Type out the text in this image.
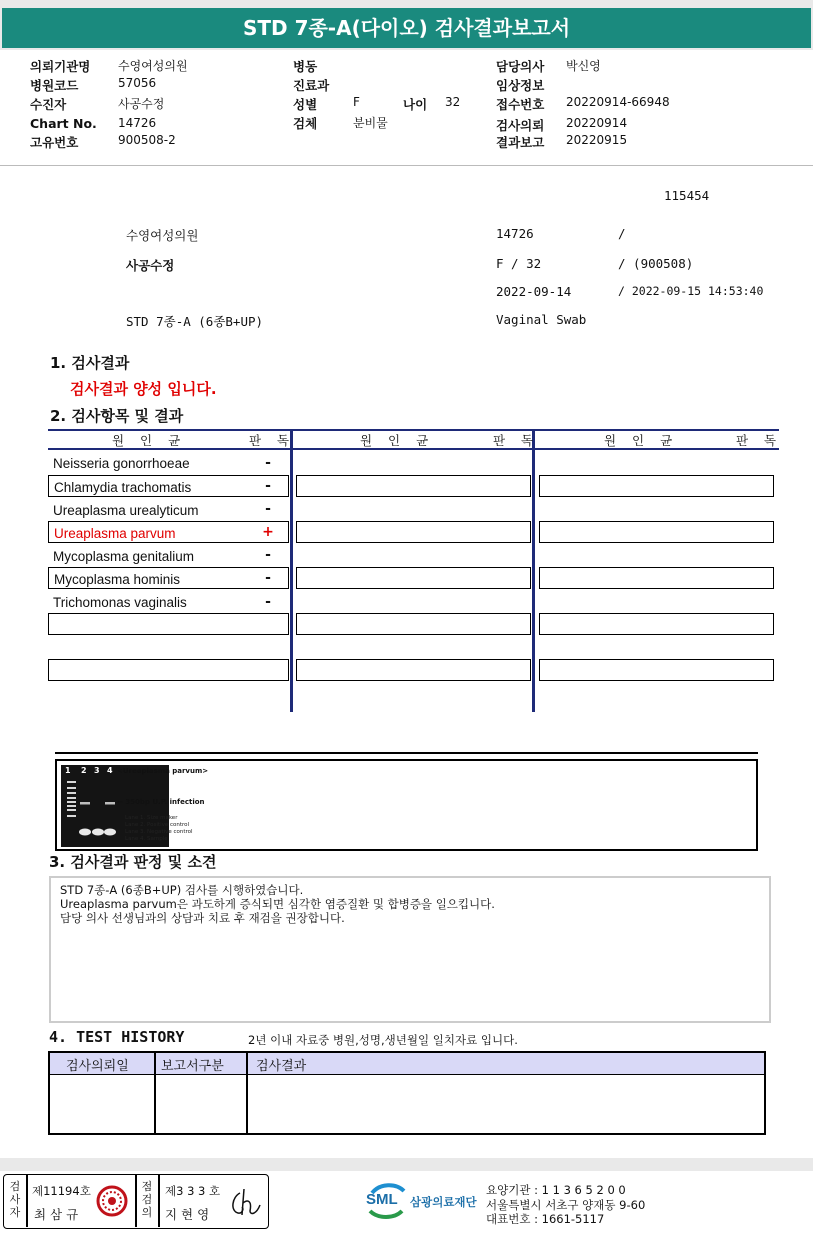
STD 7종-A(다이오) 검사결과보고서
의뢰기관명 수영여성의원
병원코드	57056
수진자	사공수정
Chart No. 14726
고유번호	900508-2
병동
진료과
성별	F	나이 32
검체	분비물
담당의사 박신영
임상정보
접수번호 20220914-66948
검사의뢰 20220914
결과보고 20220915
115454
수영여성의원	14726	/
사공수정	F / 32	/ (900508)
2022-09-14	/ 2022-09-15 14:53:40
STD 7종-A (6종B+UP)	Vaginal Swab
1. 검사결과
검사결과 양성 입니다.
2. 검사항목 및 결과
원 인 균	판 독	원 인 균	판 독	원 인 균	판 독
Neisseria gonorrhoeae	-
Chlamydia trachomatis	-
Ureaplasma urealyticum	-
Ureaplasma parvum	+
Mycoplasma genitalium	-
Mycoplasma hominis	-
Trichomonas vaginalis	-
1 2 3 4 <Ureaplasma parvum>
← 350bp U.P. infection
Lane 1. Size maker
Lane 2. Positive control
Lane 3. Negative control
Lane 4. Sample
3. 검사결과 판정 및 소견
STD 7종-A (6종B+UP) 검사를 시행하였습니다.
Ureaplasma parvum은 과도하게 증식되면 심각한 염증질환 및 합병증을 일으킵니다.
담당 의사 선생님과의 상담과 치료 후 재검을 권장합니다.
4. TEST HISTORY	2년 이내 자료중 병원,성명,생년월일 일치자료 입니다.
검사의뢰일 보고서구분 검사결과
검사자
제11194호
최 삼 규
점검의
제3 3 3 호
지 현 영
SML 삼광의료재단
요양기관 : 1 1 3 6 5 2 0 0
서울특별시 서초구 양재동 9-60
대표번호 : 1661-5117
